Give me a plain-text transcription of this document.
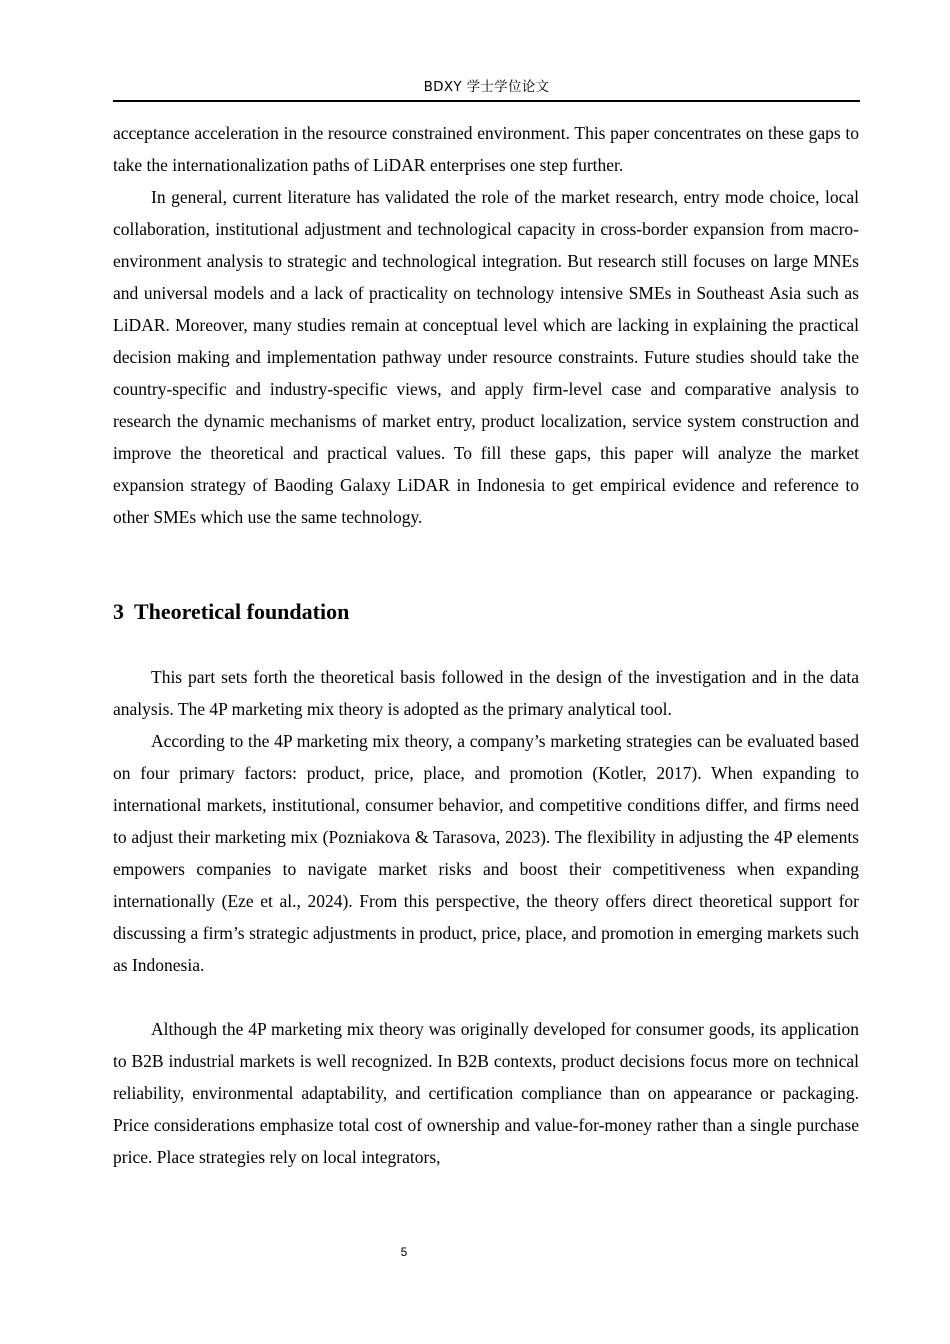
BDXY 学士学位论文

acceptance acceleration in the resource constrained environment. This paper concentrates on these gaps to take the internationalization paths of LiDAR enterprises one step further.

In general, current literature has validated the role of the market research, entry mode choice, local collaboration, institutional adjustment and technological capacity in cross-border expansion from macro-environment analysis to strategic and technological integration. But research still focuses on large MNEs and universal models and a lack of practicality on technology intensive SMEs in Southeast Asia such as LiDAR. Moreover, many studies remain at conceptual level which are lacking in explaining the practical decision making and implementation pathway under resource constraints. Future studies should take the country-specific and industry-specific views, and apply firm-level case and comparative analysis to research the dynamic mechanisms of market entry, product localization, service system construction and improve the theoretical and practical values. To fill these gaps, this paper will analyze the market expansion strategy of Baoding Galaxy LiDAR in Indonesia to get empirical evidence and reference to other SMEs which use the same technology.

3 Theoretical foundation

This part sets forth the theoretical basis followed in the design of the investigation and in the data analysis. The 4P marketing mix theory is adopted as the primary analytical tool.

According to the 4P marketing mix theory, a company’s marketing strategies can be evaluated based on four primary factors: product, price, place, and promotion (Kotler, 2017). When expanding to international markets, institutional, consumer behavior, and competitive conditions differ, and firms need to adjust their marketing mix (Pozniakova & Tarasova, 2023). The flexibility in adjusting the 4P elements empowers companies to navigate market risks and boost their competitiveness when expanding internationally (Eze et al., 2024). From this perspective, the theory offers direct theoretical support for discussing a firm’s strategic adjustments in product, price, place, and promotion in emerging markets such as Indonesia.

Although the 4P marketing mix theory was originally developed for consumer goods, its application to B2B industrial markets is well recognized. In B2B contexts, product decisions focus more on technical reliability, environmental adaptability, and certification compliance than on appearance or packaging. Price considerations emphasize total cost of ownership and value-for-money rather than a single purchase price. Place strategies rely on local integrators,

5
